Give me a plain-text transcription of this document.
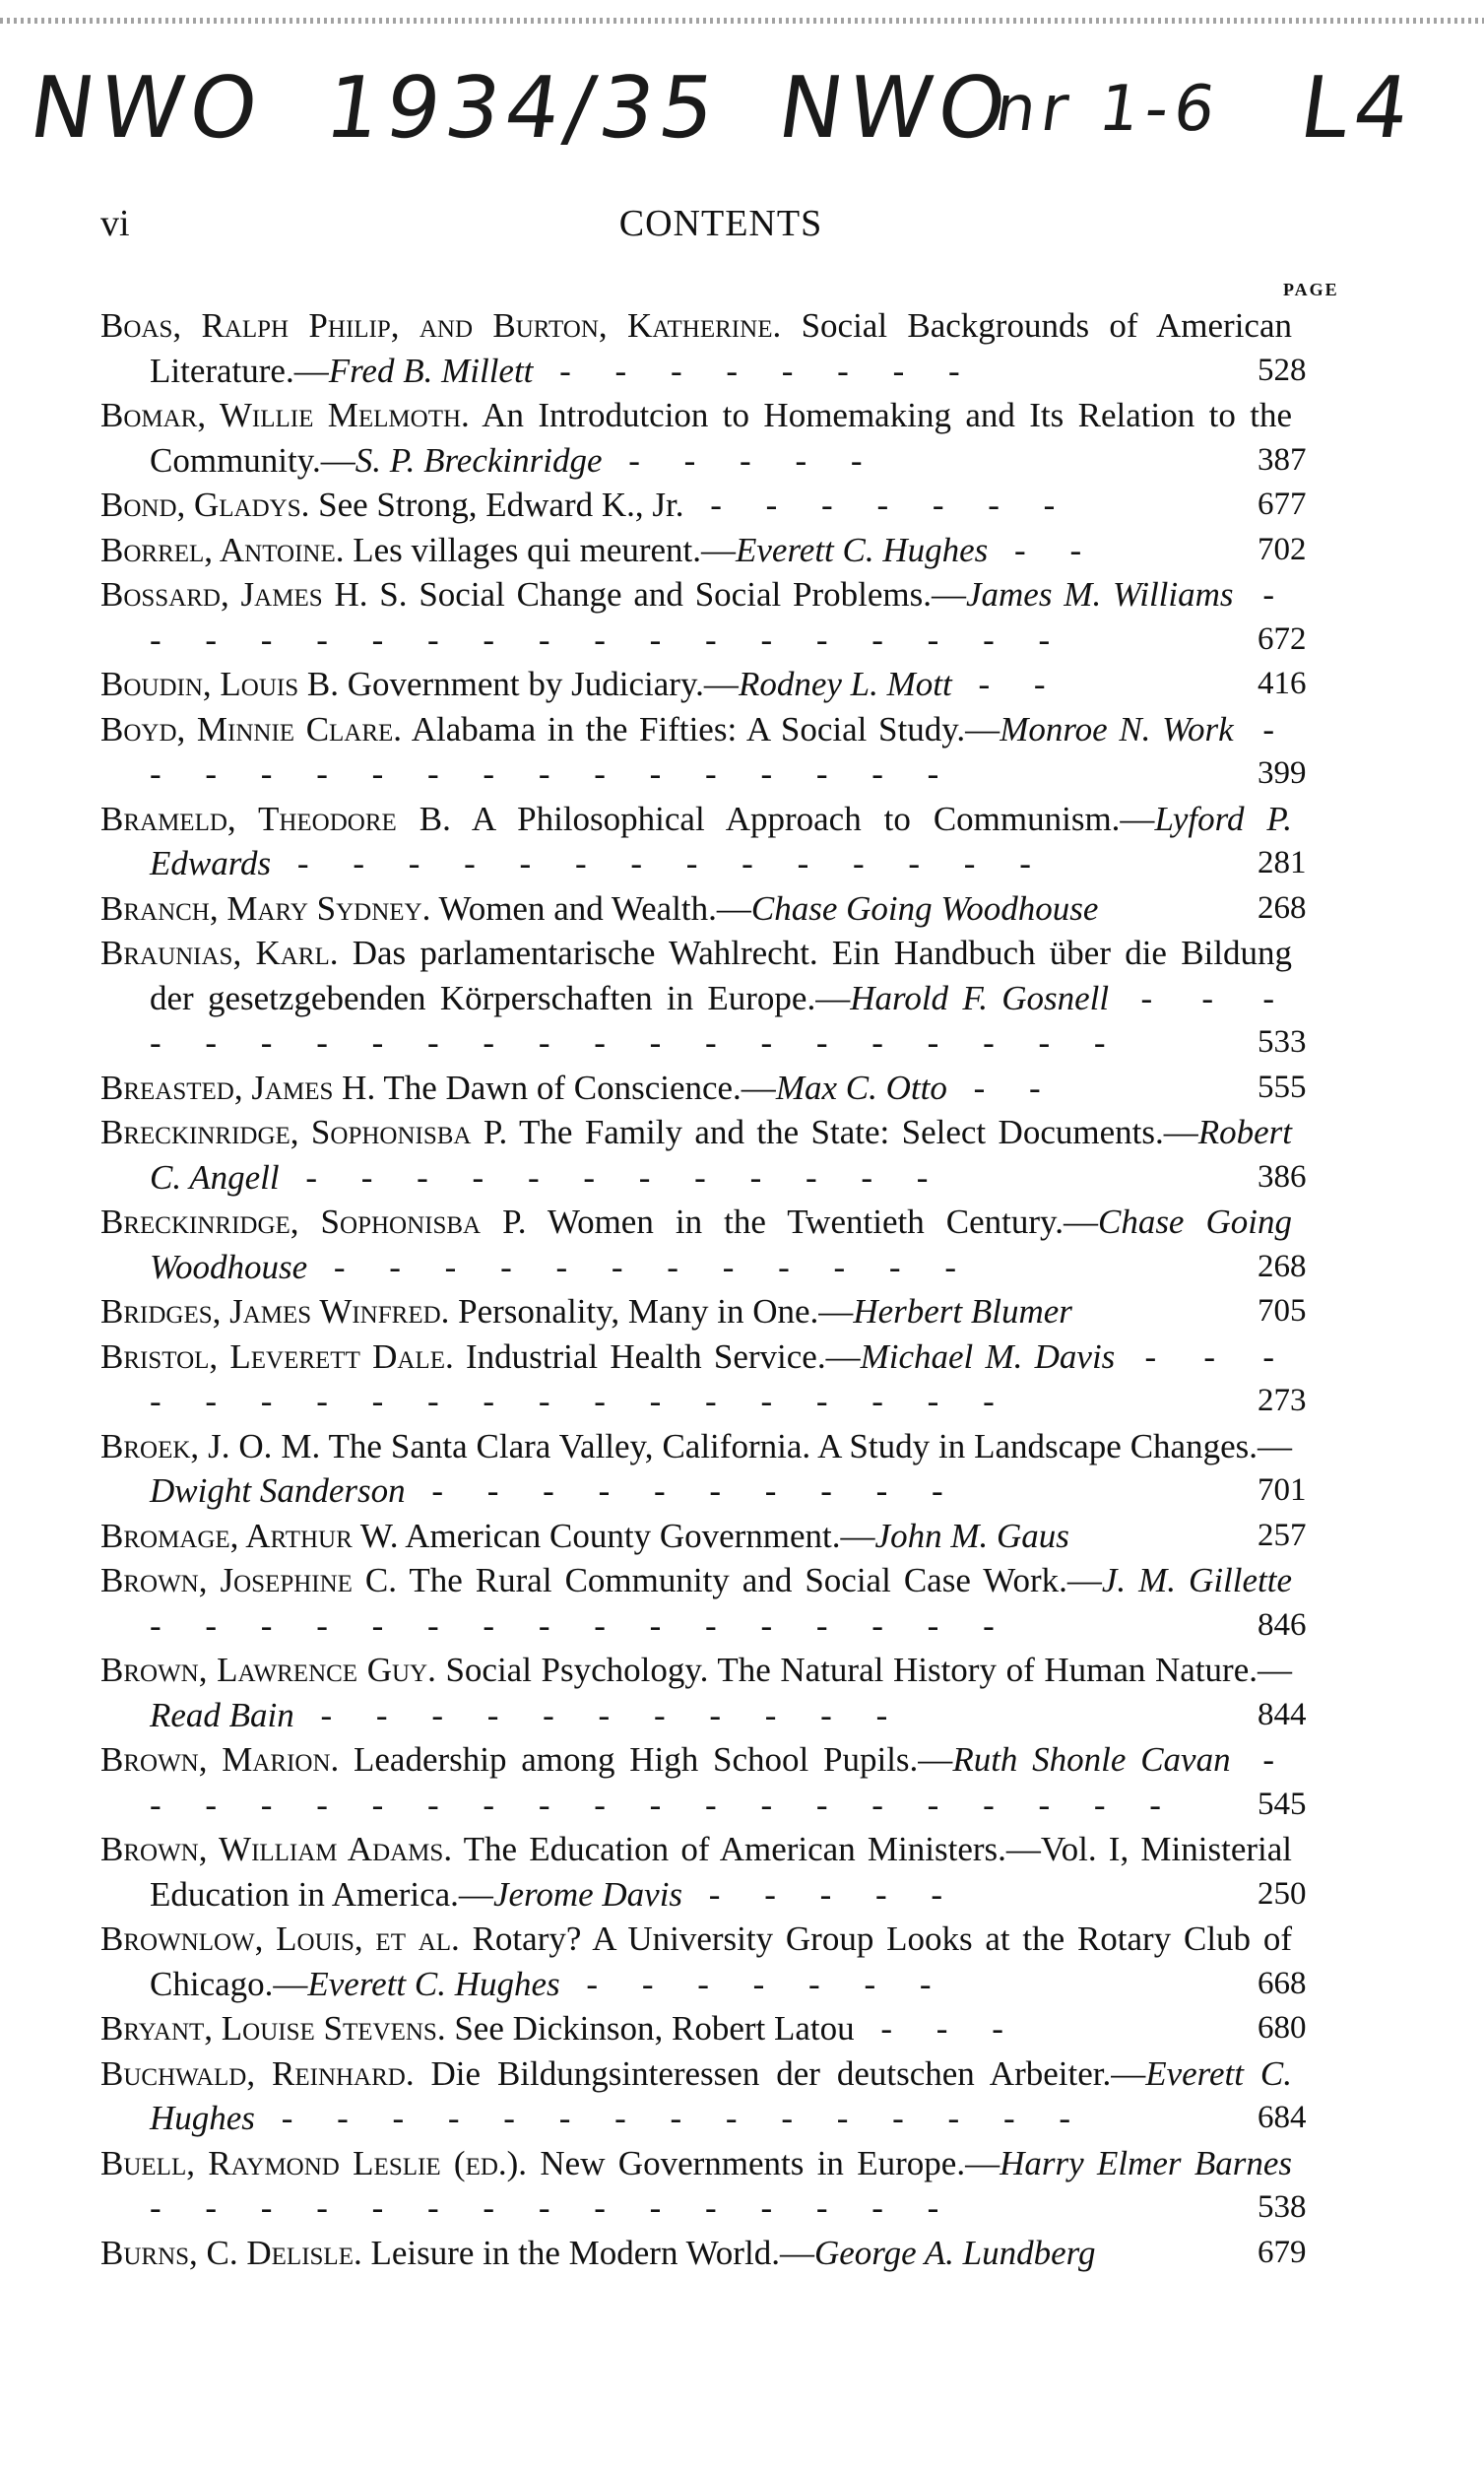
NWO 1934/35 NWO
nr 1-6 L4
vi	CONTENTS
PAGE
Boas, Ralph Philip, and Burton, Katherine. Social Backgrounds of American Literature.—Fred B. Millett - - - - - - - -	528
Bomar, Willie Melmoth. An Introdutcion to Homemaking and Its Relation to the Community.—S. P. Breckinridge - - - - -	387
Bond, Gladys. See Strong, Edward K., Jr. - - - - - - -	677
Borrel, Antoine. Les villages qui meurent.—Everett C. Hughes - -	702
Bossard, James H. S. Social Change and Social Problems.—James M. Williams - - - - - - - - - - - - - - - - - -	672
Boudin, Louis B. Government by Judiciary.—Rodney L. Mott - -	416
Boyd, Minnie Clare. Alabama in the Fifties: A Social Study.—Monroe N. Work - - - - - - - - - - - - - - - -	399
Brameld, Theodore B. A Philosophical Approach to Communism.—Lyford P. Edwards - - - - - - - - - - - - - -	281
Branch, Mary Sydney. Women and Wealth.—Chase Going Woodhouse	268
Braunias, Karl. Das parlamentarische Wahlrecht. Ein Handbuch über die Bildung der gesetzgebenden Körperschaften in Europe.—Harold F. Gosnell - - - - - - - - - - - - - - - - - - - - -	533
Breasted, James H. The Dawn of Conscience.—Max C. Otto - -	555
Breckinridge, Sophonisba P. The Family and the State: Select Documents.—Robert C. Angell - - - - - - - - - - - -	386
Breckinridge, Sophonisba P. Women in the Twentieth Century.—Chase Going Woodhouse - - - - - - - - - - - -	268
Bridges, James Winfred. Personality, Many in One.—Herbert Blumer	705
Bristol, Leverett Dale. Industrial Health Service.—Michael M. Davis - - - - - - - - - - - - - - - - - - -	273
Broek, J. O. M. The Santa Clara Valley, California. A Study in Landscape Changes.—Dwight Sanderson - - - - - - - - - -	701
Bromage, Arthur W. American County Government.—John M. Gaus	257
Brown, Josephine C. The Rural Community and Social Case Work.—J. M. Gillette - - - - - - - - - - - - - - - -	846
Brown, Lawrence Guy. Social Psychology. The Natural History of Human Nature.—Read Bain - - - - - - - - - - -	844
Brown, Marion. Leadership among High School Pupils.—Ruth Shonle Cavan - - - - - - - - - - - - - - - - - - - -	545
Brown, William Adams. The Education of American Ministers.—Vol. I, Ministerial Education in America.—Jerome Davis - - - - -	250
Brownlow, Louis, et al. Rotary? A University Group Looks at the Rotary Club of Chicago.—Everett C. Hughes - - - - - - -	668
Bryant, Louise Stevens. See Dickinson, Robert Latou - - -	680
Buchwald, Reinhard. Die Bildungsinteressen der deutschen Arbeiter.—Everett C. Hughes - - - - - - - - - - - - - - -	684
Buell, Raymond Leslie (ed.). New Governments in Europe.—Harry Elmer Barnes - - - - - - - - - - - - - - -	538
Burns, C. Delisle. Leisure in the Modern World.—George A. Lundberg	679
